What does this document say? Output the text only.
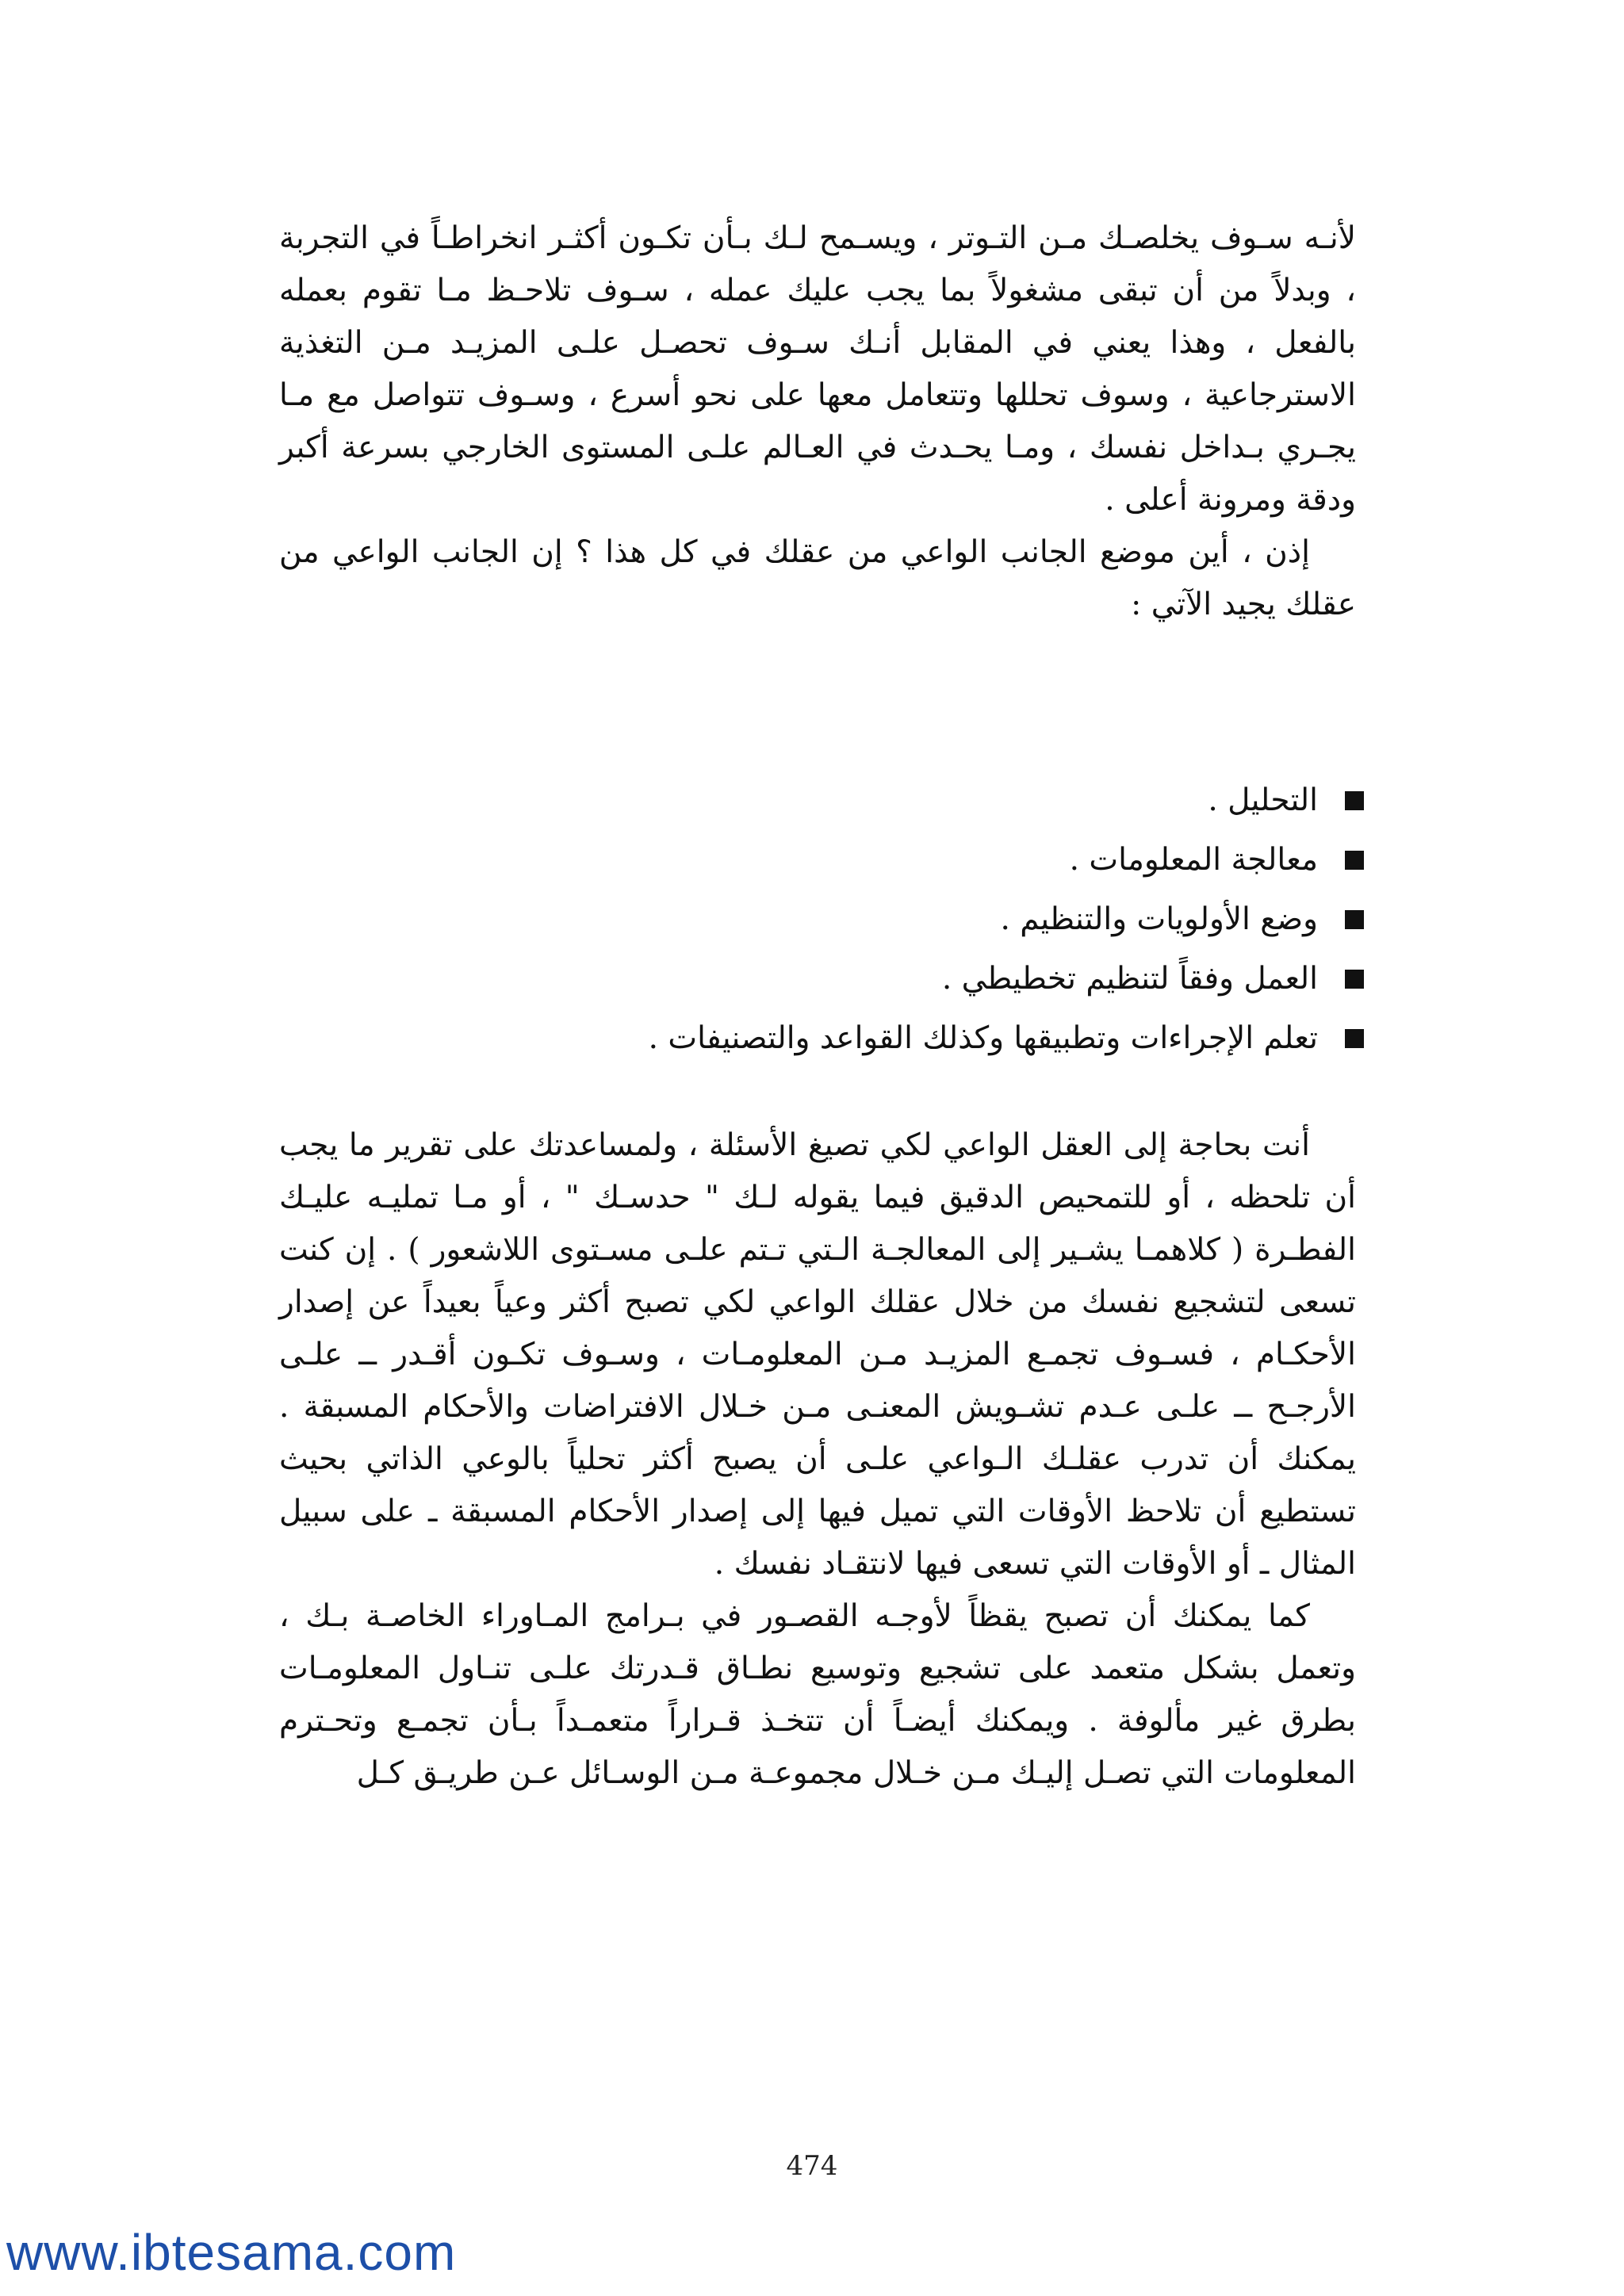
لأنـه سـوف يخلصـك مـن التـوتر ، ويسـمح لـك بـأن تكـون أكثـر انخراطـاً في التجربة ، وبدلاً من أن تبقى مشغولاً بما يجب عليك عمله ، سـوف تلاحـظ مـا تقوم بعمله بالفعل ، وهذا يعني في المقابل أنـك سـوف تحصـل علـى المزيـد مـن التغذية الاسترجاعية ، وسوف تحللها وتتعامل معها على نحو أسرع ، وسـوف تتواصل مع مـا يجـري بـداخل نفسك ، ومـا يحـدث في العـالم علـى المستوى الخارجي بسرعة أكبر ودقة ومرونة أعلى .

إذن ، أين موضع الجانب الواعي من عقلك في كل هذا ؟ إن الجانب الواعي من عقلك يجيد الآتي :

التحليل .
معالجة المعلومات .
وضع الأولويات والتنظيم .
العمل وفقاً لتنظيم تخطيطي .
تعلم الإجراءات وتطبيقها وكذلك القواعد والتصنيفات .

أنت بحاجة إلى العقل الواعي لكي تصيغ الأسئلة ، ولمساعدتك على تقرير ما يجب أن تلحظه ، أو للتمحيص الدقيق فيما يقوله لـك " حدسـك " ، أو مـا تمليـه عليـك الفطـرة ( كلاهمـا يشـير إلى المعالجـة الـتي تـتم علـى مسـتوى اللاشعور ) . إن كنت تسعى لتشجيع نفسك من خلال عقلك الواعي لكي تصبح أكثر وعياً بعيداً عن إصدار الأحكـام ، فسـوف تجمـع المزيـد مـن المعلومـات ، وسـوف تكـون أقـدر ــ علـى الأرجـح ــ علـى عـدم تشـويش المعنـى مـن خـلال الافتراضات والأحكام المسبقة . يمكنك أن تدرب عقلـك الـواعي علـى أن يصبح أكثر تحلياً بالوعي الذاتي بحيث تستطيع أن تلاحظ الأوقات التي تميل فيها إلى إصدار الأحكام المسبقة ـ على سبيل المثال ـ أو الأوقات التي تسعى فيها لانتقـاد نفسك .

كما يمكنك أن تصبح يقظاً لأوجـه القصـور في بـرامج المـاوراء الخاصـة بـك ، وتعمل بشكل متعمد على تشجيع وتوسيع نطـاق قـدرتك علـى تنـاول المعلومـات بطرق غير مألوفة . ويمكنك أيضـاً أن تتخـذ قـراراً متعمـداً بـأن تجمـع وتحـترم المعلومات التي تصـل إليـك مـن خـلال مجموعـة مـن الوسـائل عـن طريـق كـل

474
www.ibtesama.com
